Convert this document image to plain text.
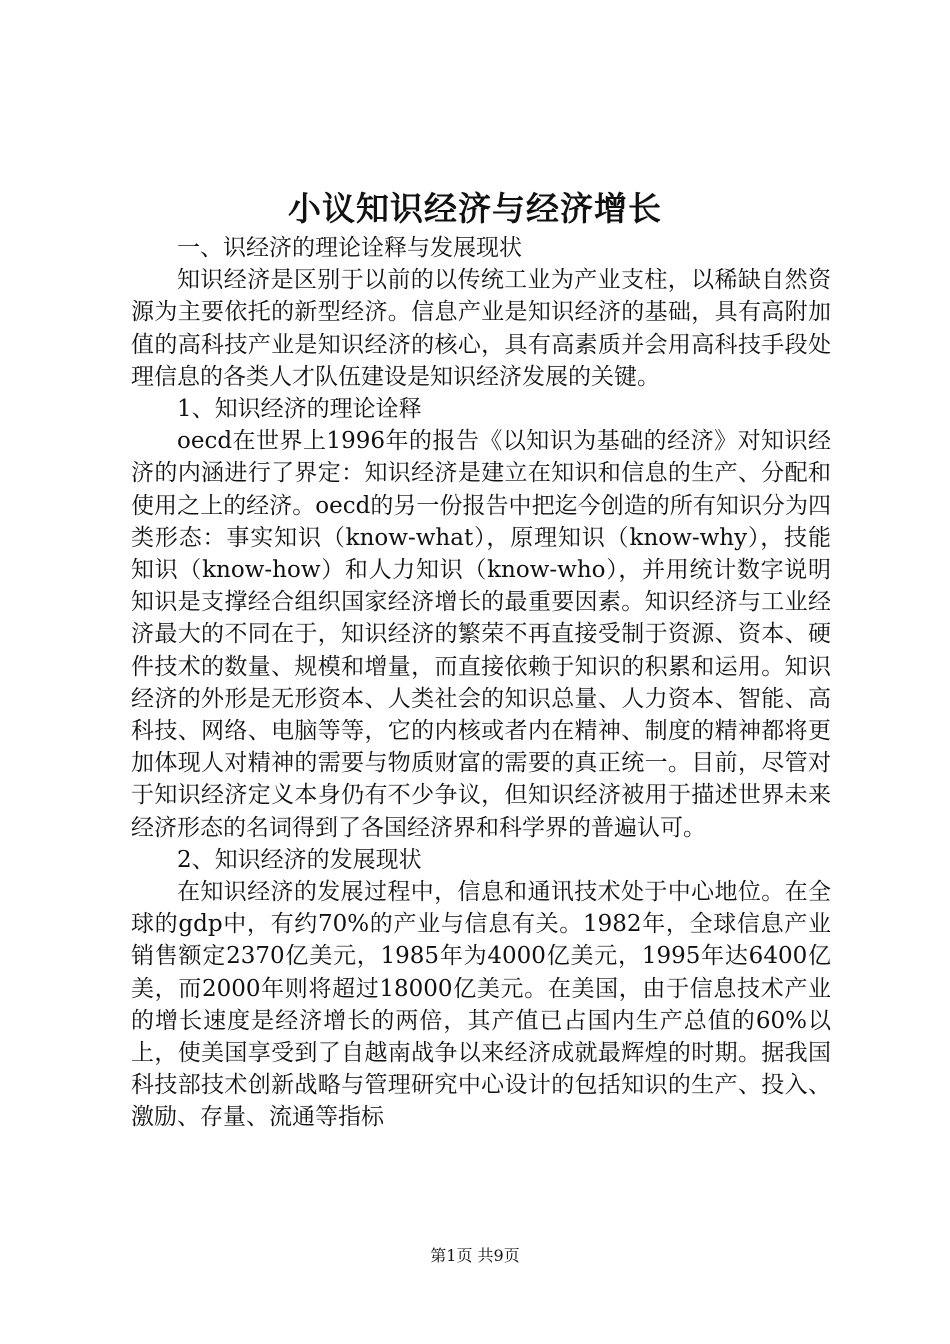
小议知识经济与经济增长

一、识经济的理论诠释与发展现状

知识经济是区别于以前的以传统工业为产业支柱，以稀缺自然资源为主要依托的新型经济。信息产业是知识经济的基础，具有高附加值的高科技产业是知识经济的核心，具有高素质并会用高科技手段处理信息的各类人才队伍建设是知识经济发展的关键。

1、知识经济的理论诠释

oecd在世界上1996年的报告《以知识为基础的经济》对知识经济的内涵进行了界定：知识经济是建立在知识和信息的生产、分配和使用之上的经济。oecd的另一份报告中把迄今创造的所有知识分为四类形态：事实知识（know-what），原理知识（know-why），技能知识（know-how）和人力知识（know-who），并用统计数字说明知识是支撑经合组织国家经济增长的最重要因素。知识经济与工业经济最大的不同在于，知识经济的繁荣不再直接受制于资源、资本、硬件技术的数量、规模和增量，而直接依赖于知识的积累和运用。知识经济的外形是无形资本、人类社会的知识总量、人力资本、智能、高科技、网络、电脑等等，它的内核或者内在精神、制度的精神都将更加体现人对精神的需要与物质财富的需要的真正统一。目前，尽管对于知识经济定义本身仍有不少争议，但知识经济被用于描述世界未来经济形态的名词得到了各国经济界和科学界的普遍认可。

2、知识经济的发展现状

在知识经济的发展过程中，信息和通讯技术处于中心地位。在全球的gdp中，有约70%的产业与信息有关。1982年，全球信息产业销售额定2370亿美元，1985年为4000亿美元，1995年达6400亿美，而2000年则将超过18000亿美元。在美国，由于信息技术产业的增长速度是经济增长的两倍，其产值已占国内生产总值的60%以上，使美国享受到了自越南战争以来经济成就最辉煌的时期。据我国科技部技术创新战略与管理研究中心设计的包括知识的生产、投入、激励、存量、流通等指标

第1页 共9页
